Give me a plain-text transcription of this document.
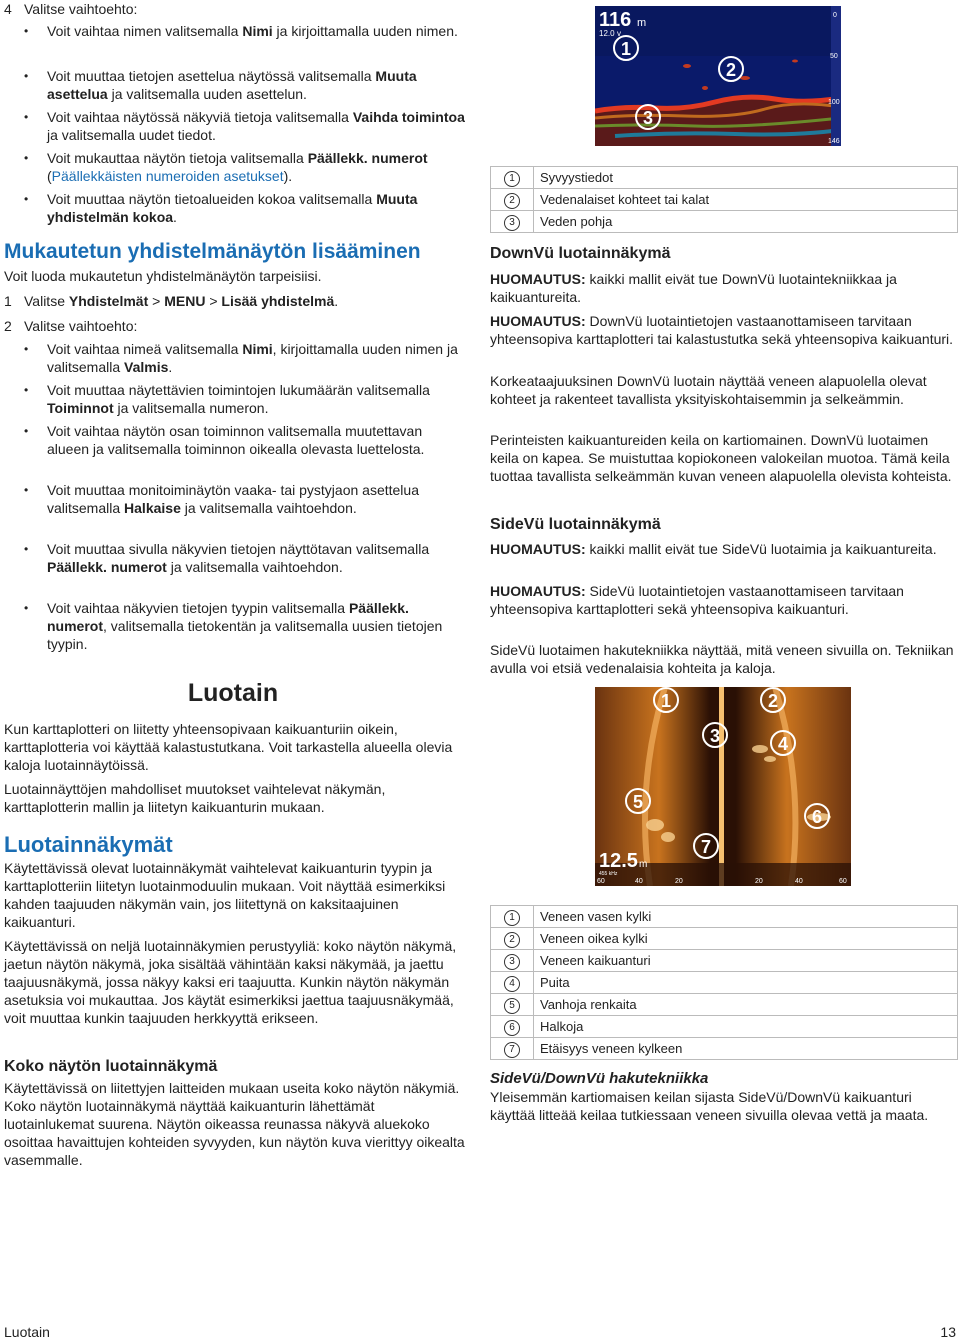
4 Valitse vaihtoehto:
• Voit vaihtaa nimen valitsemalla Nimi ja kirjoittamalla uuden nimen.
• Voit muuttaa tietojen asettelua näytössä valitsemalla Muuta asettelua ja valitsemalla uuden asettelun.
• Voit vaihtaa näytössä näkyviä tietoja valitsemalla Vaihda toimintoa ja valitsemalla uudet tiedot.
• Voit mukauttaa näytön tietoja valitsemalla Päällekk. numerot (Päällekkäisten numeroiden asetukset).
• Voit muuttaa näytön tietoalueiden kokoa valitsemalla Muuta yhdistelmän kokoa.
Mukautetun yhdistelmänäytön lisääminen

Voit luoda mukautetun yhdistelmänäytön tarpeisiisi.

1 Valitse Yhdistelmät > MENU > Lisää yhdistelmä.
2 Valitse vaihtoehto:
• Voit vaihtaa nimeä valitsemalla Nimi, kirjoittamalla uuden nimen ja valitsemalla Valmis.
• Voit muuttaa näytettävien toimintojen lukumäärän valitsemalla Toiminnot ja valitsemalla numeron.
• Voit vaihtaa näytön osan toiminnon valitsemalla muutettavan alueen ja valitsemalla toiminnon oikealla olevasta luettelosta.
• Voit muuttaa monitoiminäytön vaaka- tai pystyjaon asettelua valitsemalla Halkaise ja valitsemalla vaihtoehdon.
• Voit muuttaa sivulla näkyvien tietojen näyttötavan valitsemalla Päällekk. numerot ja valitsemalla vaihtoehdon.
• Voit vaihtaa näkyvien tietojen tyypin valitsemalla Päällekk. numerot, valitsemalla tietokentän ja valitsemalla uusien tietojen tyypin.
Luotain

Kun karttaplotteri on liitetty yhteensopivaan kaikuanturiin oikein, karttaplotteria voi käyttää kalastustutkana. Voit tarkastella alueella olevia kaloja luotainnäytöissä.

Luotainnäyttöjen mahdolliset muutokset vaihtelevat näkymän, karttaplotterin mallin ja liitetyn kaikuanturin mukaan.

Luotainnäkymät

Käytettävissä olevat luotainnäkymät vaihtelevat kaikuanturin tyypin ja karttaplotteriin liitetyn luotainmoduulin mukaan. Voit näyttää esimerkiksi kahden taajuuden näkymän vain, jos liitettynä on kaksitaajuinen kaikuanturi.

Käytettävissä on neljä luotainnäkymien perustyyliä: koko näytön näkymä, jaetun näytön näkymä, joka sisältää vähintään kaksi näkymää, ja jaettu taajuusnäkymä, jossa näkyy kaksi eri taajuutta. Kunkin näytön näkymän asetuksia voi mukauttaa. Jos käytät esimerkiksi jaettua taajuusnäkymää, voit muuttaa kunkin taajuuden herkkyyttä erikseen.

Koko näytön luotainnäkymä

Käytettävissä on liitettyjen laitteiden mukaan useita koko näytön näkymiä. Koko näytön luotainnäkymä näyttää kaikuanturin lähettämät luotainlukemat suurena. Näytön oikeassa reunassa näkyvä aluekoko osoittaa havaittujen kohteiden syvyyden, kun näytön kuva vierittyy oikealta vasemmalle.

116 m
12.0 v
0
50
100
146
1
2
3
1	Syvyystiedot
2	Vedenalaiset kohteet tai kalat
3	Veden pohja
DownVü luotainnäkymä

HUOMAUTUS: kaikki mallit eivät tue DownVü luotaintekniikkaa ja kaikuantureita.

HUOMAUTUS: DownVü luotaintietojen vastaanottamiseen tarvitaan yhteensopiva karttaplotteri tai kalastustutka sekä yhteensopiva kaikuanturi.

Korkeataajuuksinen DownVü luotain näyttää veneen alapuolella olevat kohteet ja rakenteet tavallista yksityiskohtaisemmin ja selkeämmin.

Perinteisten kaikuantureiden keila on kartiomainen. DownVü luotaimen keila on kapea. Se muistuttaa kopiokoneen valokeilan muotoa. Tämä keila tuottaa tavallista selkeämmän kuvan veneen alapuolella olevista kohteista.

SideVü luotainnäkymä

HUOMAUTUS: kaikki mallit eivät tue SideVü luotaimia ja kaikuantureita.

HUOMAUTUS: SideVü luotaintietojen vastaanottamiseen tarvitaan yhteensopiva karttaplotteri sekä yhteensopiva kaikuanturi.

SideVü luotaimen hakutekniikka näyttää, mitä veneen sivuilla on. Tekniikan avulla voi etsiä vedenalaisia kohteita ja kaloja.

12.5 m
455 kHz
60	40	20	20	40	60
1	2
3	4
5
6
7
1	Veneen vasen kylki
2	Veneen oikea kylki
3	Veneen kaikuanturi
4	Puita
5	Vanhoja renkaita
6	Halkoja
7	Etäisyys veneen kylkeen
SideVü/DownVü hakutekniikka

Yleisemmän kartiomaisen keilan sijasta SideVü/DownVü kaikuanturi käyttää litteää keilaa tutkiessaan veneen sivuilla olevaa vettä ja maata.

Luotain	13
